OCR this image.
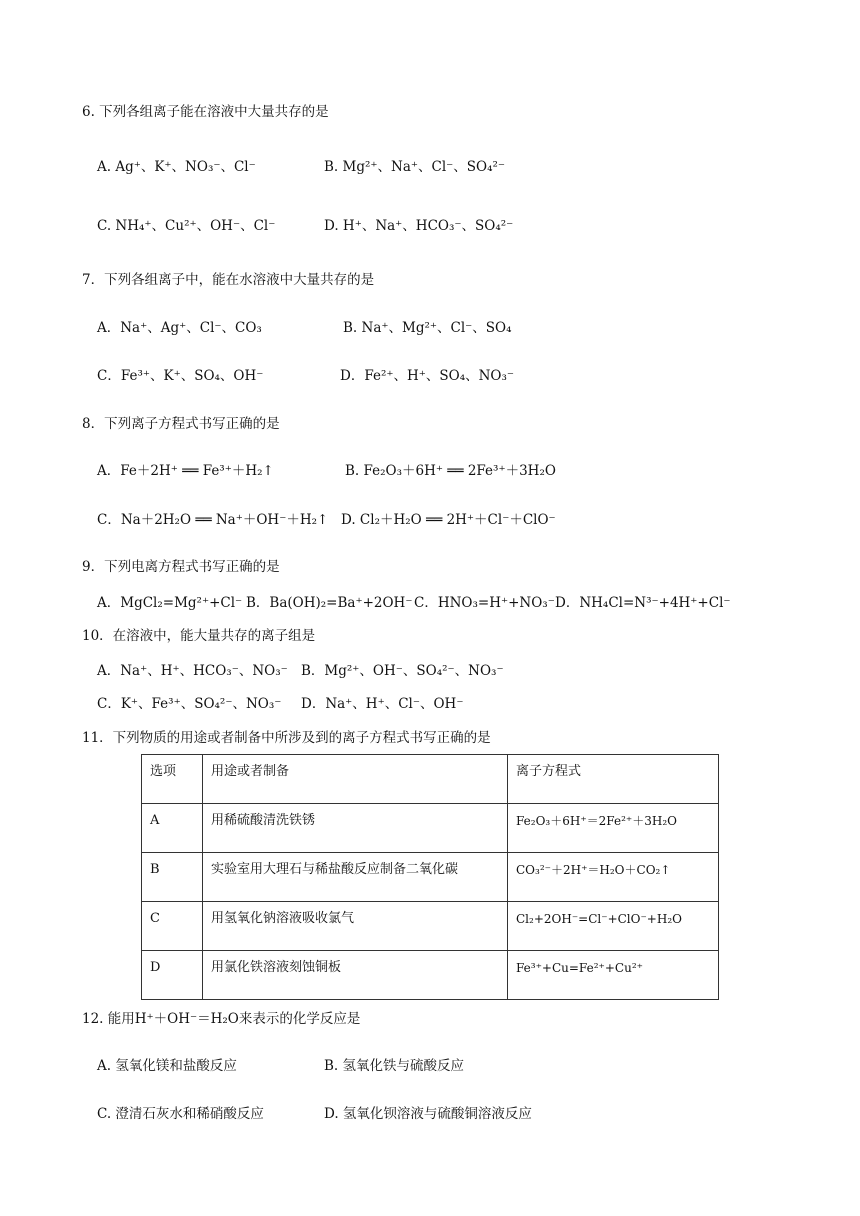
6. 下列各组离子能在溶液中大量共存的是
A. Ag⁺、K⁺、NO₃⁻、Cl⁻	B. Mg²⁺、Na⁺、Cl⁻、SO₄²⁻
C. NH₄⁺、Cu²⁺、OH⁻、Cl⁻	D. H⁺、Na⁺、HCO₃⁻、SO₄²⁻
7．下列各组离子中，能在水溶液中大量共存的是
A．Na⁺、Ag⁺、Cl⁻、CO₃	B. Na⁺、Mg²⁺、Cl⁻、SO₄
C．Fe³⁺、K⁺、SO₄、OH⁻	D．Fe²⁺、H⁺、SO₄、NO₃⁻
8．下列离子方程式书写正确的是
A．Fe＋2H⁺ ══ Fe³⁺＋H₂↑	B. Fe₂O₃＋6H⁺ ══ 2Fe³⁺＋3H₂O
C．Na＋2H₂O ══ Na⁺＋OH⁻＋H₂↑ D. Cl₂＋H₂O ══ 2H⁺＋Cl⁻＋ClO⁻
9．下列电离方程式书写正确的是
A．MgCl₂=Mg²⁺+Cl⁻ B．Ba(OH)₂=Ba⁺+2OH⁻ C．HNO₃=H⁺+NO₃⁻ D．NH₄Cl=N³⁻+4H⁺+Cl⁻
10．在溶液中，能大量共存的离子组是
A．Na⁺、H⁺、HCO₃⁻、NO₃⁻ B．Mg²⁺、OH⁻、SO₄²⁻、NO₃⁻
C．K⁺、Fe³⁺、SO₄²⁻、NO₃⁻ D．Na⁺、H⁺、Cl⁻、OH⁻
11．下列物质的用途或者制备中所涉及到的离子方程式书写正确的是
选项	用途或者制备	离子方程式
A	用稀硫酸清洗铁锈	Fe₂O₃＋6H⁺＝2Fe²⁺＋3H₂O
B	实验室用大理石与稀盐酸反应制备二氧化碳	CO₃²⁻＋2H⁺＝H₂O＋CO₂↑
C	用氢氧化钠溶液吸收氯气	Cl₂+2OH⁻=Cl⁻+ClO⁻+H₂O
D	用氯化铁溶液刻蚀铜板	Fe³⁺+Cu=Fe²⁺+Cu²⁺
12. 能用H⁺＋OH⁻＝H₂O来表示的化学反应是
A. 氢氧化镁和盐酸反应	B. 氢氧化铁与硫酸反应
C. 澄清石灰水和稀硝酸反应	D. 氢氧化钡溶液与硫酸铜溶液反应
